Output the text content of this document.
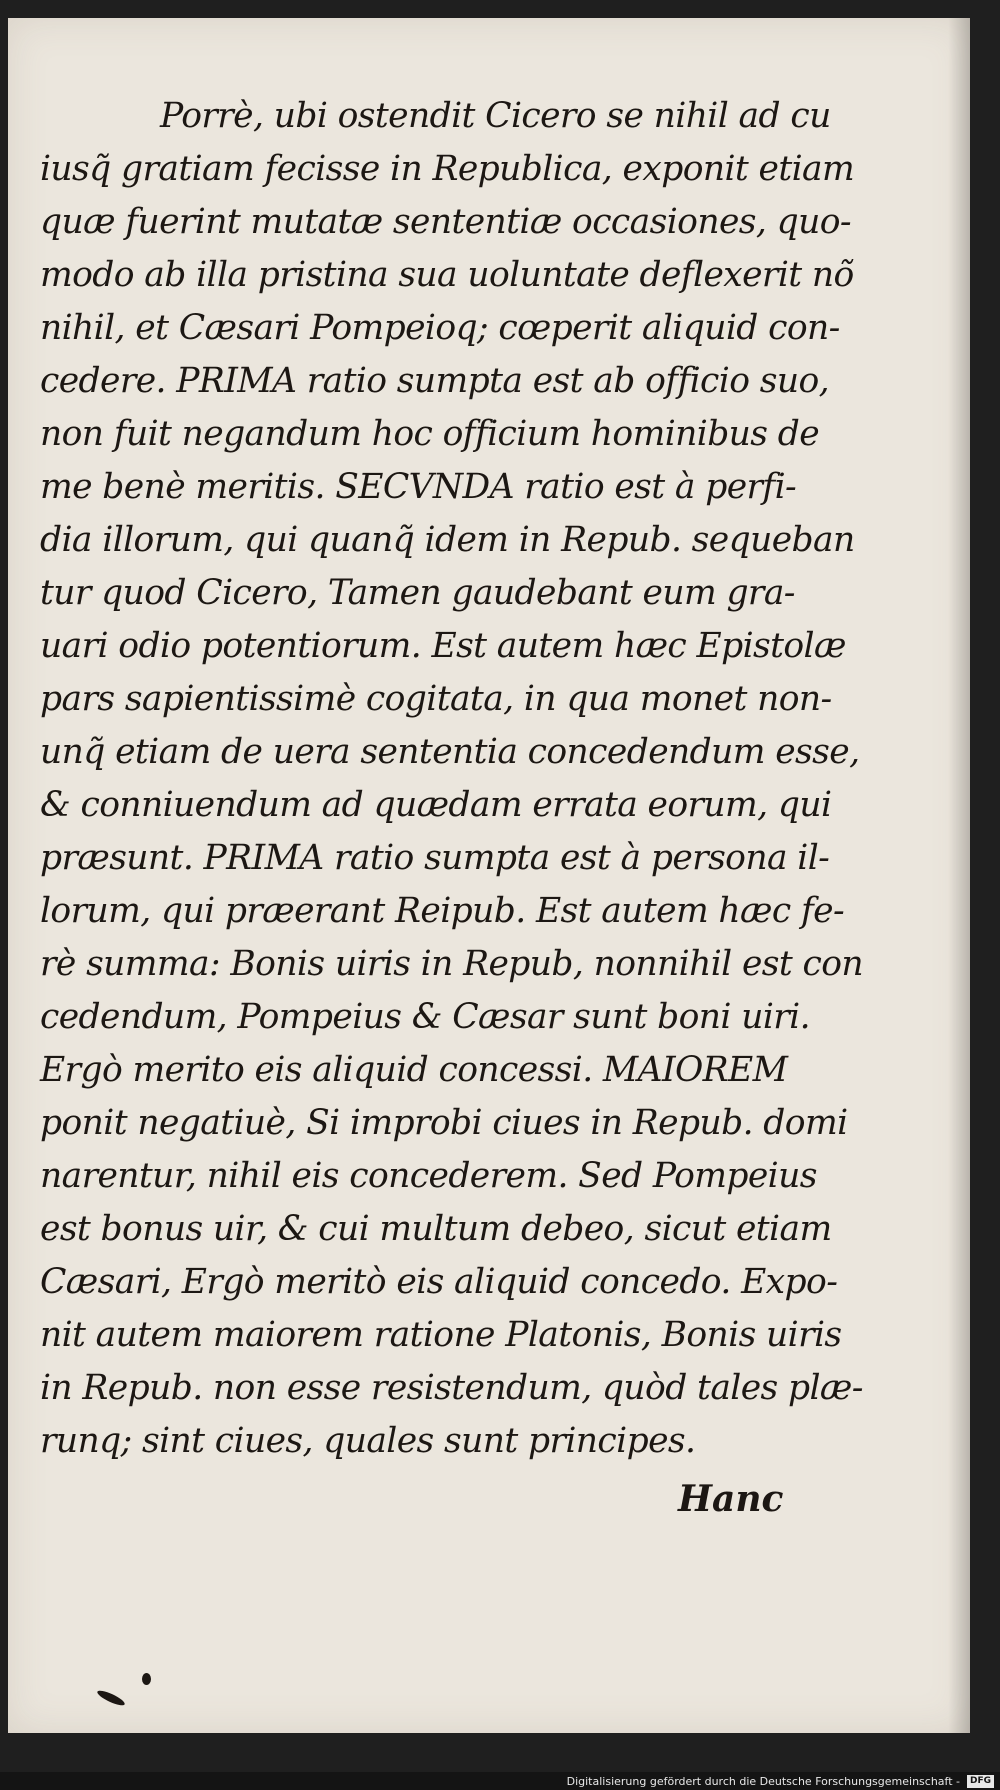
Porrè, ubi ostendit Cicero se nihil ad cu
iusq̃ gratiam fecisse in Republica, exponit etiam
quæ fuerint mutatæ sententiæ occasiones, quo-
modo ab illa pristina sua uoluntate deflexerit nõ
nihil, et Cæsari Pompeioq; cœperit aliquid con-
cedere. PRIMA ratio sumpta est ab officio suo,
non fuit negandum hoc officium hominibus de
me benè meritis. SECVNDA ratio est à perfi-
dia illorum, qui quanq̃ idem in Repub. sequeban
tur quod Cicero, Tamen gaudebant eum gra-
uari odio potentiorum. Est autem hæc Epistolæ
pars sapientissimè cogitata, in qua monet non-
unq̃ etiam de uera sententia concedendum esse,
& conniuendum ad quædam errata eorum, qui
præsunt. PRIMA ratio sumpta est à persona il-
lorum, qui præerant Reipub. Est autem hæc fe-
rè summa: Bonis uiris in Repub, nonnihil est con
cedendum, Pompeius & Cæsar sunt boni uiri.
Ergò merito eis aliquid concessi. MAIOREM
ponit negatiuè, Si improbi ciues in Repub. domi
narentur, nihil eis concederem. Sed Pompeius
est bonus uir, & cui multum debeo, sicut etiam
Cæsari, Ergò meritò eis aliquid concedo. Expo-
nit autem maiorem ratione Platonis, Bonis uiris
in Repub. non esse resistendum, quòd tales plæ-
runq; sint ciues, quales sunt principes.
Hanc
Digitalisierung gefördert durch die Deutsche Forschungsgemeinschaft -	DFG
